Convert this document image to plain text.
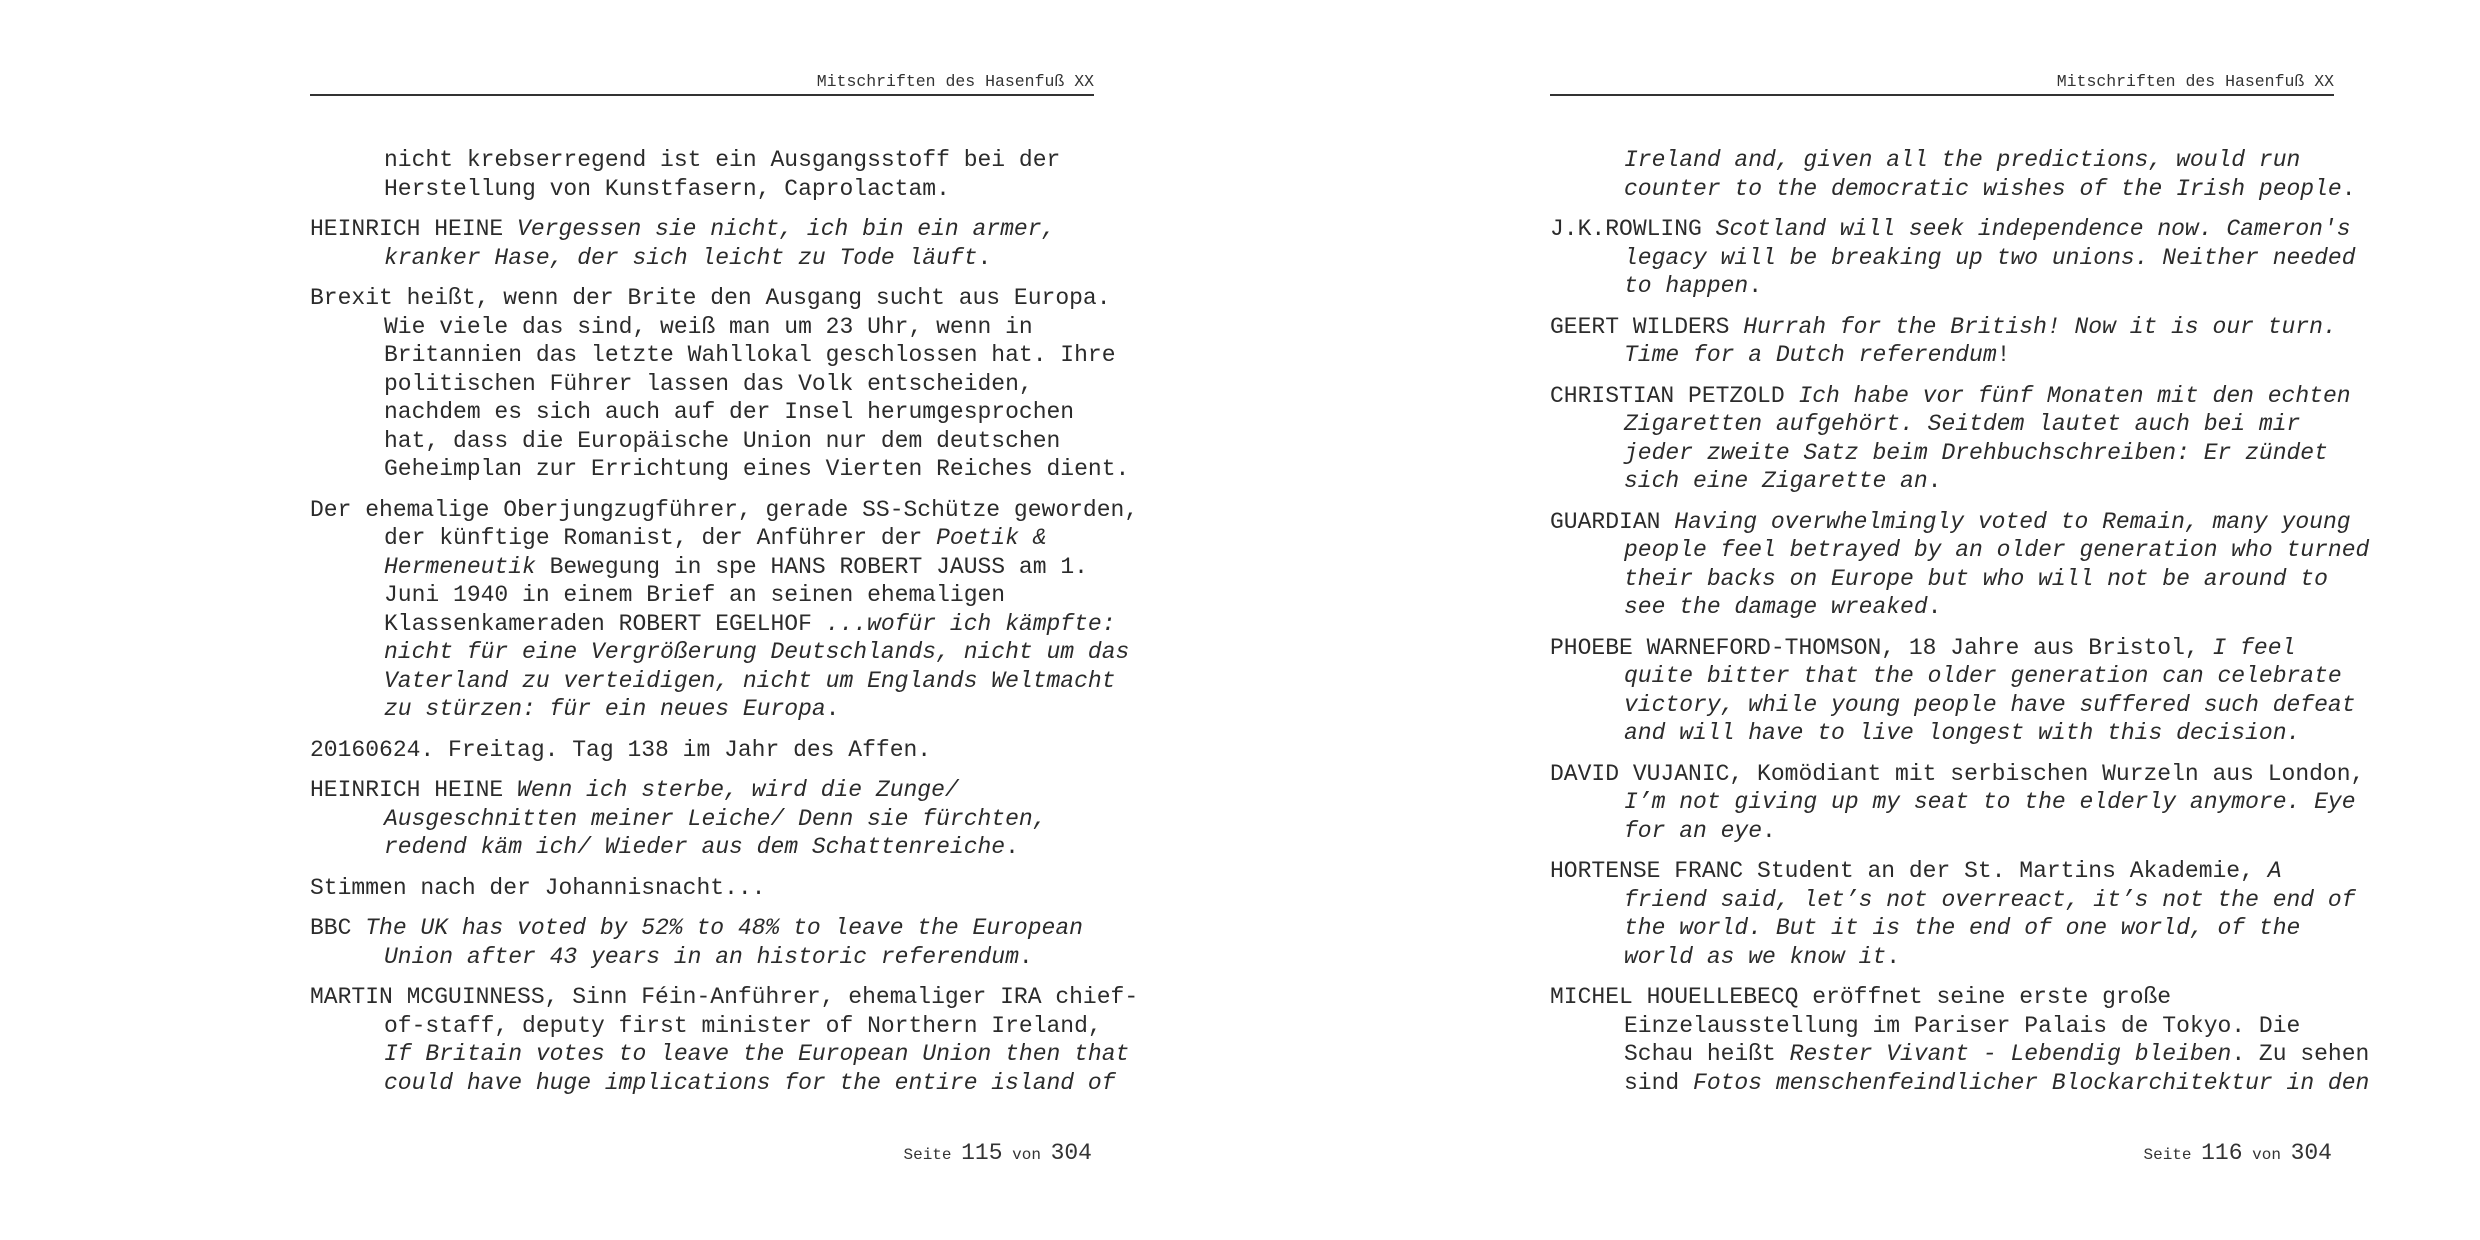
Mitschriften des Hasenfuß XX
nicht krebserregend ist ein Ausgangsstoff bei der
Herstellung von Kunstfasern, Caprolactam.
HEINRICH HEINE Vergessen sie nicht, ich bin ein armer,
kranker Hase, der sich leicht zu Tode läuft.
Brexit heißt, wenn der Brite den Ausgang sucht aus Europa.
Wie viele das sind, weiß man um 23 Uhr, wenn in
Britannien das letzte Wahllokal geschlossen hat. Ihre
politischen Führer lassen das Volk entscheiden,
nachdem es sich auch auf der Insel herumgesprochen
hat, dass die Europäische Union nur dem deutschen
Geheimplan zur Errichtung eines Vierten Reiches dient.
Der ehemalige Oberjungzugführer, gerade SS-Schütze geworden,
der künftige Romanist, der Anführer der Poetik &
Hermeneutik Bewegung in spe HANS ROBERT JAUSS am 1.
Juni 1940 in einem Brief an seinen ehemaligen
Klassenkameraden ROBERT EGELHOF ...wofür ich kämpfte:
nicht für eine Vergrößerung Deutschlands, nicht um das
Vaterland zu verteidigen, nicht um Englands Weltmacht
zu stürzen: für ein neues Europa.
20160624. Freitag. Tag 138 im Jahr des Affen.
HEINRICH HEINE Wenn ich sterbe, wird die Zunge/
Ausgeschnitten meiner Leiche/ Denn sie fürchten,
redend käm ich/ Wieder aus dem Schattenreiche.
Stimmen nach der Johannisnacht...
BBC The UK has voted by 52% to 48% to leave the European
Union after 43 years in an historic referendum.
MARTIN MCGUINNESS, Sinn Féin-Anführer, ehemaliger IRA chief-
of-staff, deputy first minister of Northern Ireland,
If Britain votes to leave the European Union then that
could have huge implications for the entire island of
Seite 115 von 304
Mitschriften des Hasenfuß XX
Ireland and, given all the predictions, would run
counter to the democratic wishes of the Irish people.
J.K.ROWLING Scotland will seek independence now. Cameron's
legacy will be breaking up two unions. Neither needed
to happen.
GEERT WILDERS Hurrah for the British! Now it is our turn.
Time for a Dutch referendum!
CHRISTIAN PETZOLD Ich habe vor fünf Monaten mit den echten
Zigaretten aufgehört. Seitdem lautet auch bei mir
jeder zweite Satz beim Drehbuchschreiben: Er zündet
sich eine Zigarette an.
GUARDIAN Having overwhelmingly voted to Remain, many young
people feel betrayed by an older generation who turned
their backs on Europe but who will not be around to
see the damage wreaked.
PHOEBE WARNEFORD-THOMSON, 18 Jahre aus Bristol, I feel
quite bitter that the older generation can celebrate
victory, while young people have suffered such defeat
and will have to live longest with this decision.
DAVID VUJANIC, Komödiant mit serbischen Wurzeln aus London,
I’m not giving up my seat to the elderly anymore. Eye
for an eye.
HORTENSE FRANC Student an der St. Martins Akademie, A
friend said, let’s not overreact, it’s not the end of
the world. But it is the end of one world, of the
world as we know it.
MICHEL HOUELLEBECQ eröffnet seine erste große
Einzelausstellung im Pariser Palais de Tokyo. Die
Schau heißt Rester Vivant - Lebendig bleiben. Zu sehen
sind Fotos menschenfeindlicher Blockarchitektur in den
Seite 116 von 304
